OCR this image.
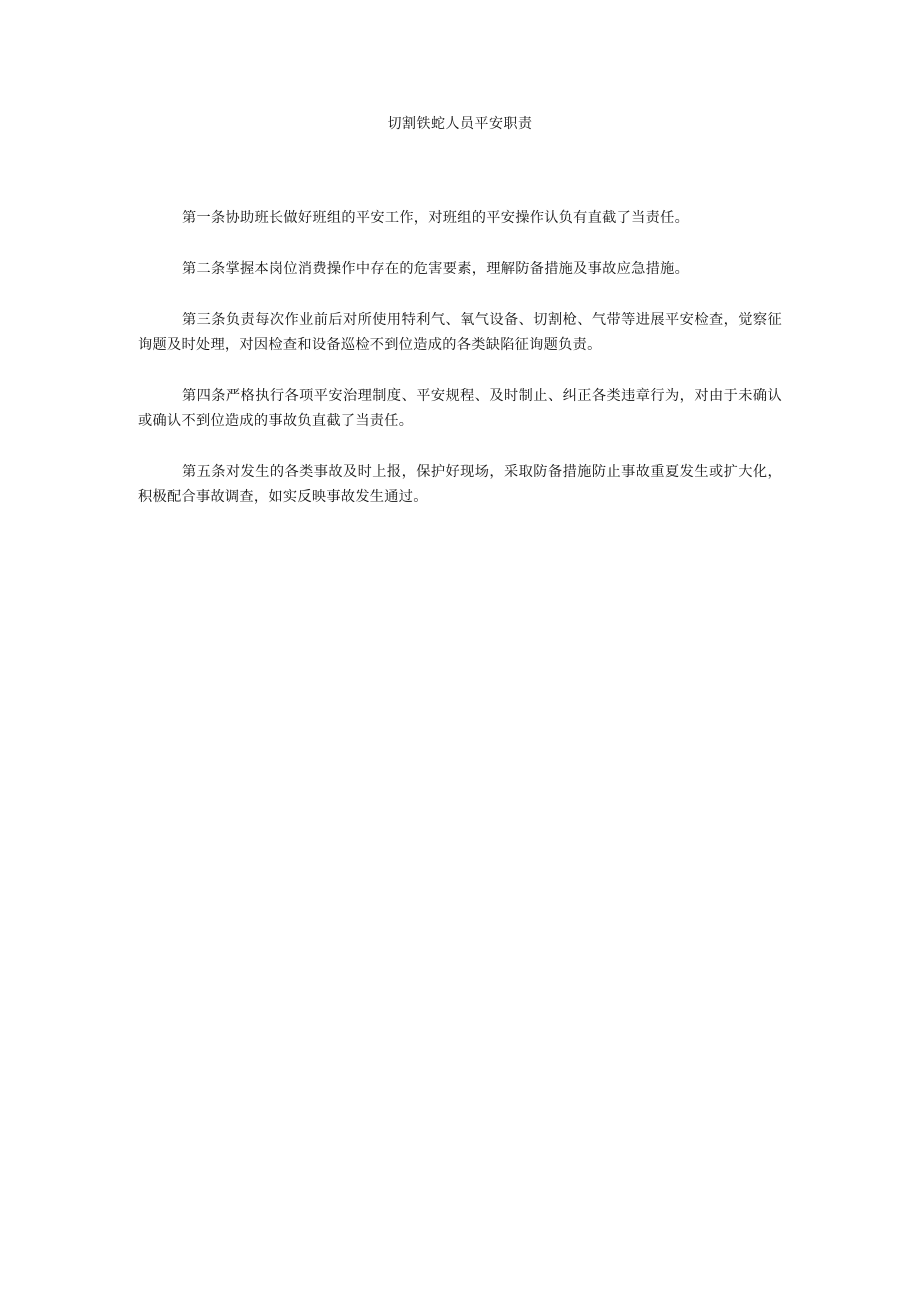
切割铁蛇人员平安职责

第一条协助班长做好班组的平安工作，对班组的平安操作认负有直截了当责任。

第二条掌握本岗位消费操作中存在的危害要素，理解防备措施及事故应急措施。

第三条负责每次作业前后对所使用特利气、氧气设备、切割枪、气带等进展平安检查，觉察征询题及时处理，对因检查和设备巡检不到位造成的各类缺陷征询题负责。

第四条严格执行各项平安治理制度、平安规程、及时制止、纠正各类违章行为，对由于未确认或确认不到位造成的事故负直截了当责任。

第五条对发生的各类事故及时上报，保护好现场，采取防备措施防止事故重夏发生或扩大化，积极配合事故调查，如实反映事故发生通过。
